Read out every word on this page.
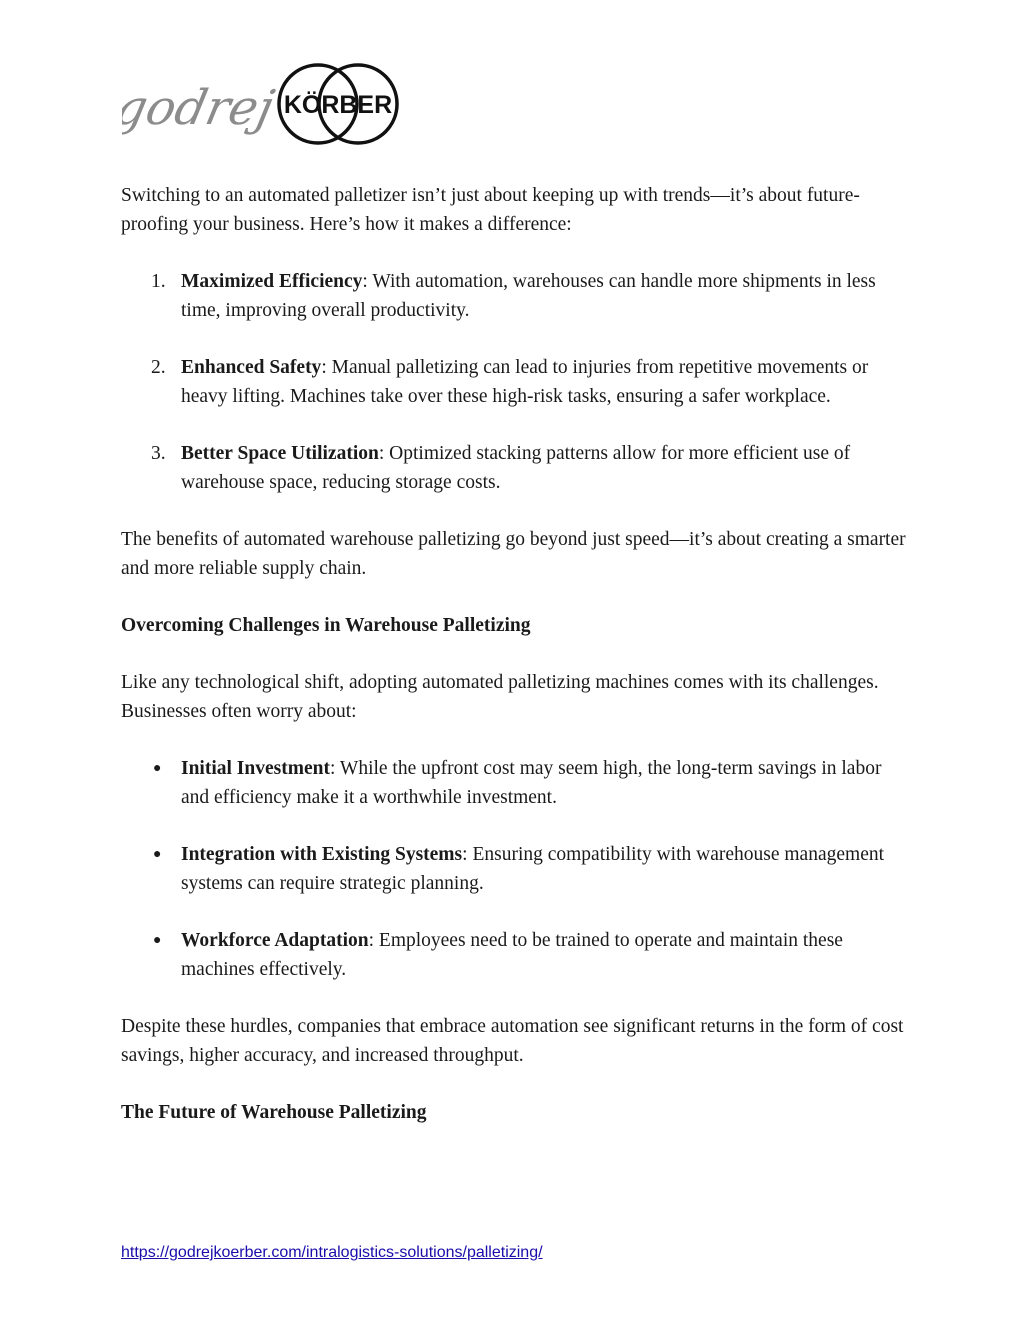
godrej KÖRBER

Switching to an automated palletizer isn’t just about keeping up with trends—it’s about future-proofing your business. Here’s how it makes a difference:

1. Maximized Efficiency: With automation, warehouses can handle more shipments in less time, improving overall productivity.
2. Enhanced Safety: Manual palletizing can lead to injuries from repetitive movements or heavy lifting. Machines take over these high-risk tasks, ensuring a safer workplace.
3. Better Space Utilization: Optimized stacking patterns allow for more efficient use of warehouse space, reducing storage costs.

The benefits of automated warehouse palletizing go beyond just speed—it’s about creating a smarter and more reliable supply chain.

Overcoming Challenges in Warehouse Palletizing

Like any technological shift, adopting automated palletizing machines comes with its challenges. Businesses often worry about:

● Initial Investment: While the upfront cost may seem high, the long-term savings in labor and efficiency make it a worthwhile investment.
● Integration with Existing Systems: Ensuring compatibility with warehouse management systems can require strategic planning.
● Workforce Adaptation: Employees need to be trained to operate and maintain these machines effectively.

Despite these hurdles, companies that embrace automation see significant returns in the form of cost savings, higher accuracy, and increased throughput.

The Future of Warehouse Palletizing
https://godrejkoerber.com/intralogistics-solutions/palletizing/
